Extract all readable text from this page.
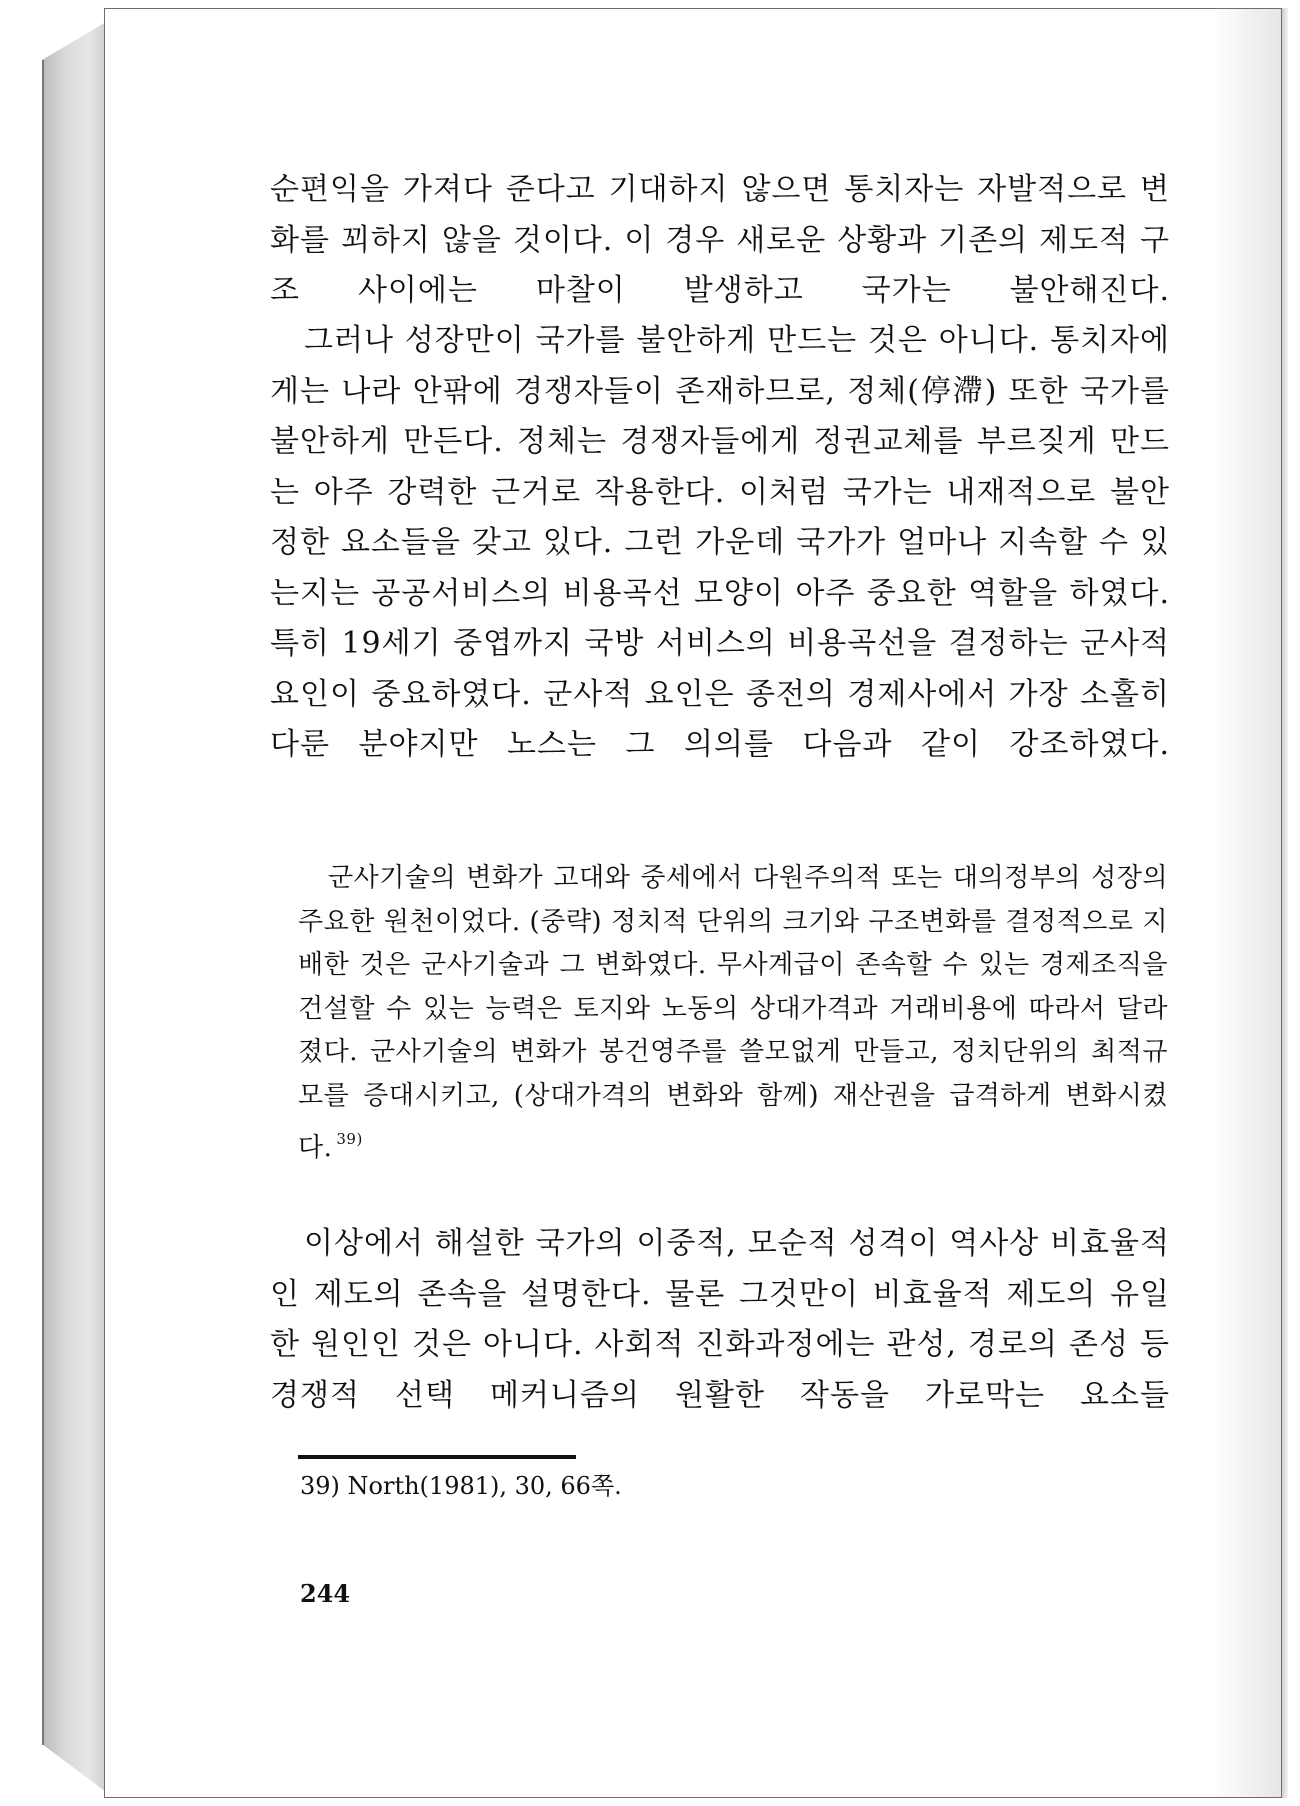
순편익을 가져다 준다고 기대하지 않으면 통치자는 자발적으로 변화를 꾀하지 않을 것이다. 이 경우 새로운 상황과 기존의 제도적 구조 사이에는 마찰이 발생하고 국가는 불안해진다.

그러나 성장만이 국가를 불안하게 만드는 것은 아니다. 통치자에게는 나라 안팎에 경쟁자들이 존재하므로, 정체(停滯) 또한 국가를 불안하게 만든다. 정체는 경쟁자들에게 정권교체를 부르짖게 만드는 아주 강력한 근거로 작용한다. 이처럼 국가는 내재적으로 불안정한 요소들을 갖고 있다. 그런 가운데 국가가 얼마나 지속할 수 있는지는 공공서비스의 비용곡선 모양이 아주 중요한 역할을 하였다. 특히 19세기 중엽까지 국방 서비스의 비용곡선을 결정하는 군사적 요인이 중요하였다. 군사적 요인은 종전의 경제사에서 가장 소홀히 다룬 분야지만 노스는 그 의의를 다음과 같이 강조하였다.

군사기술의 변화가 고대와 중세에서 다원주의적 또는 대의정부의 성장의 주요한 원천이었다. (중략) 정치적 단위의 크기와 구조변화를 결정적으로 지배한 것은 군사기술과 그 변화였다. 무사계급이 존속할 수 있는 경제조직을 건설할 수 있는 능력은 토지와 노동의 상대가격과 거래비용에 따라서 달라졌다. 군사기술의 변화가 봉건영주를 쓸모없게 만들고, 정치단위의 최적규모를 증대시키고, (상대가격의 변화와 함께) 재산권을 급격하게 변화시켰다. $^{39)}$

이상에서 해설한 국가의 이중적, 모순적 성격이 역사상 비효율적인 제도의 존속을 설명한다. 물론 그것만이 비효율적 제도의 유일한 원인인 것은 아니다. 사회적 진화과정에는 관성, 경로의 존성 등 경쟁적 선택 메커니즘의 원활한 작동을 가로막는 요소들

39) North(1981), 30, 66쪽.
244
